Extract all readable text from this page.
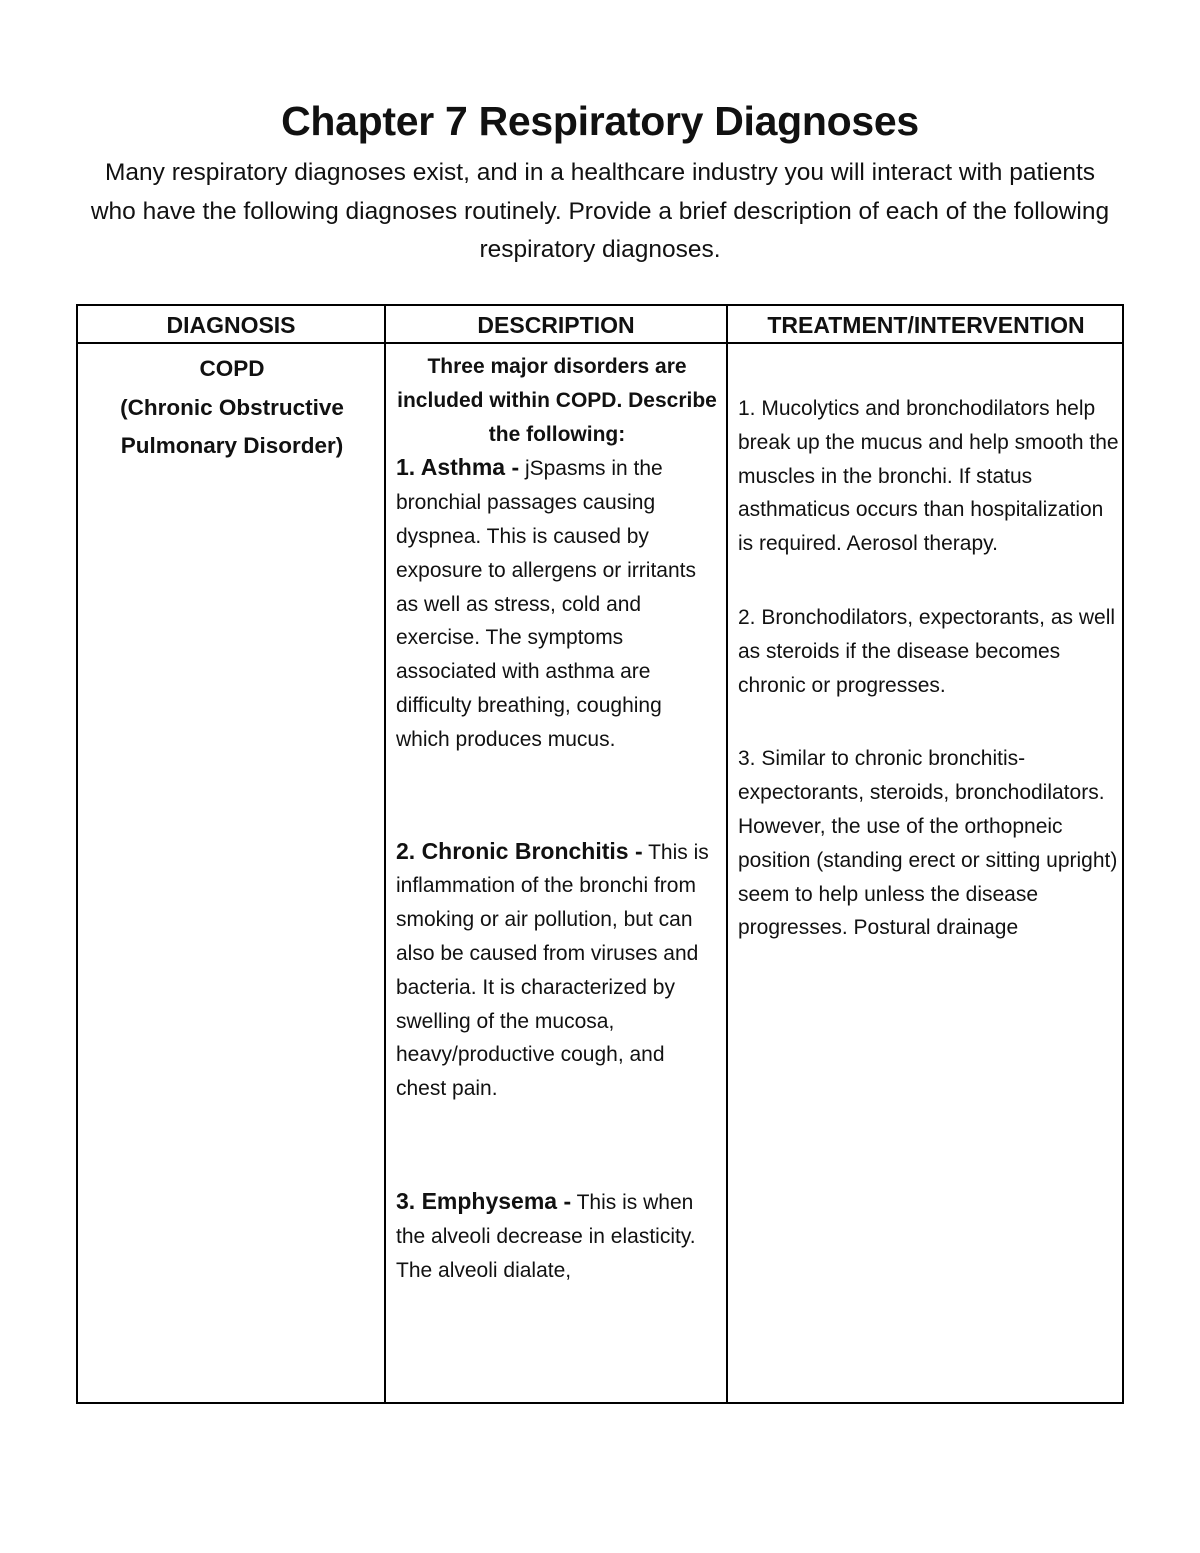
Chapter 7 Respiratory Diagnoses

Many respiratory diagnoses exist, and in a healthcare industry you will interact with patients who have the following diagnoses routinely. Provide a brief description of each of the following respiratory diagnoses.

DIAGNOSIS	DESCRIPTION	TREATMENT/INTERVENTION
COPD
(Chronic Obstructive Pulmonary Disorder)

Three major disorders are included within COPD. Describe the following:

1. Asthma - jSpasms in the bronchial passages causing dyspnea. This is caused by exposure to allergens or irritants as well as stress, cold and exercise. The symptoms associated with asthma are difficulty breathing, coughing which produces mucus.

2. Chronic Bronchitis - This is inflammation of the bronchi from smoking or air pollution, but can also be caused from viruses and bacteria. It is characterized by swelling of the mucosa, heavy/productive cough, and chest pain.

3. Emphysema - This is when the alveoli decrease in elasticity. The alveoli dialate,

1. Mucolytics and bronchodilators help break up the mucus and help smooth the muscles in the bronchi. If status asthmaticus occurs than hospitalization is required. Aerosol therapy.

2. Bronchodilators, expectorants, as well as steroids if the disease becomes chronic or progresses.

3. Similar to chronic bronchitis- expectorants, steroids, bronchodilators. However, the use of the orthopneic position (standing erect or sitting upright) seem to help unless the disease progresses. Postural drainage
